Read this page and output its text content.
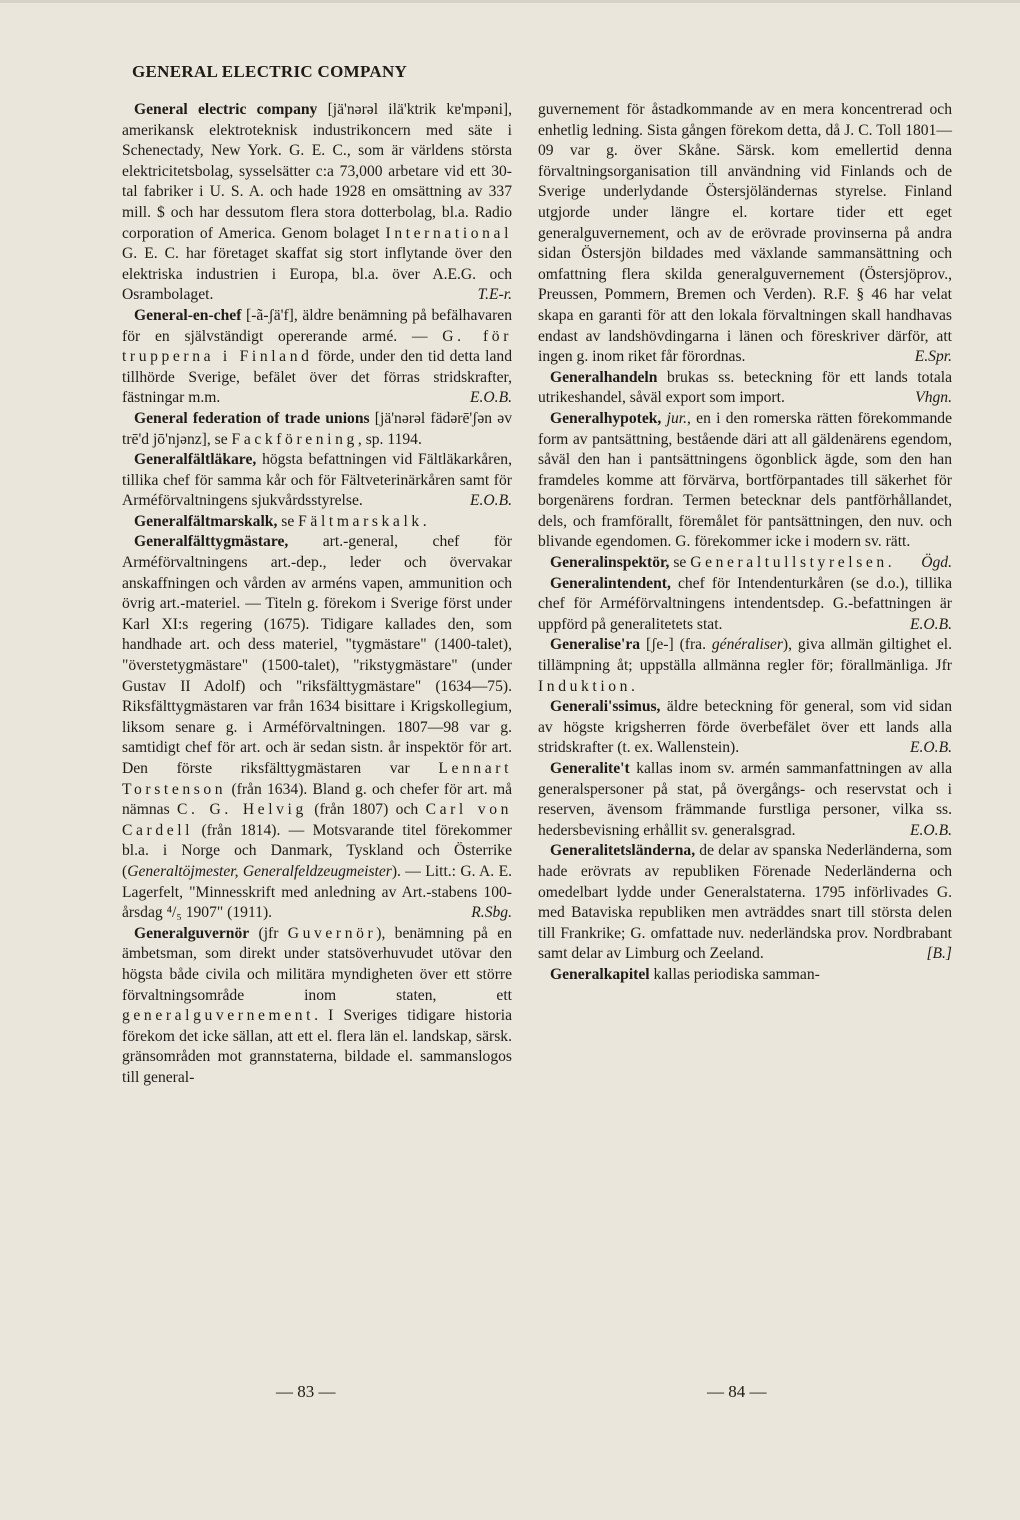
GENERAL ELECTRIC COMPANY

General electric company [jä'nərəl ilä'ktrik kɐ'mpəni], amerikansk elektroteknisk industrikoncern med säte i Schenectady, New York. G. E. C., som är världens största elektricitetsbolag, sysselsätter c:a 73,000 arbetare vid ett 30-tal fabriker i U. S. A. och hade 1928 en omsättning av 337 mill. $ och har dessutom flera stora dotterbolag, bl.a. Radio corporation of America. Genom bolaget International G. E. C. har företaget skaffat sig stort inflytande över den elektriska industrien i Europa, bl.a. över A.E.G. och Osrambolaget.	T.E-r.

General-en-chef [-ã-ʃä'f], äldre benämning på befälhavaren för en självständigt opererande armé. — G. för trupperna i Finland förde, under den tid detta land tillhörde Sverige, befälet över det förras stridskrafter, fästningar m.m.	E.O.B.

General federation of trade unions [jä'nərəl fädərē'ʃən əv trē'd jō'njənz], se Fackförening, sp. 1194.

Generalfältläkare, högsta befattningen vid Fältläkarkåren, tillika chef för samma kår och för Fältveterinärkåren samt för Arméförvaltningens sjukvårdsstyrelse.	E.O.B.

Generalfältmarskalk, se Fältmarskalk.

Generalfälttygmästare, art.-general, chef för Arméförvaltningens art.-dep., leder och övervakar anskaffningen och vården av arméns vapen, ammunition och övrig art.-materiel. — Titeln g. förekom i Sverige först under Karl XI:s regering (1675). Tidigare kallades den, som handhade art. och dess materiel, "tygmästare" (1400-talet), "överstetygmästare" (1500-talet), "rikstygmästare" (under Gustav II Adolf) och "riksfälttygmästare" (1634—75). Riksfälttygmästaren var från 1634 bisittare i Krigskollegium, liksom senare g. i Arméförvaltningen. 1807—98 var g. samtidigt chef för art. och är sedan sistn. år inspektör för art. Den förste riksfälttygmästaren var Lennart Torstenson (från 1634). Bland g. och chefer för art. må nämnas C. G. Helvig (från 1807) och Carl von Cardell (från 1814). — Motsvarande titel förekommer bl.a. i Norge och Danmark, Tyskland och Österrike (Generaltöjmester, Generalfeldzeugmeister). — Litt.: G. A. E. Lagerfelt, "Minnesskrift med anledning av Art.-stabens 100-årsdag ⁴/₅ 1907" (1911).	R.Sbg.

Generalguvernör (jfr Guvernör), benämning på en ämbetsman, som direkt under statsöverhuvudet utövar den högsta både civila och militära myndigheten över ett större förvaltningsområde inom staten, ett generalguvernement. I Sveriges tidigare historia förekom det icke sällan, att ett el. flera län el. landskap, särsk. gränsområden mot grannstaterna, bildade el. sammanslogos till general-

guvernement för åstadkommande av en mera koncentrerad och enhetlig ledning. Sista gången förekom detta, då J. C. Toll 1801—09 var g. över Skåne. Särsk. kom emellertid denna förvaltningsorganisation till användning vid Finlands och de Sverige underlydande Östersjöländernas styrelse. Finland utgjorde under längre el. kortare tider ett eget generalguvernement, och av de erövrade provinserna på andra sidan Östersjön bildades med växlande sammansättning och omfattning flera skilda generalguvernement (Östersjöprov., Preussen, Pommern, Bremen och Verden). R.F. § 46 har velat skapa en garanti för att den lokala förvaltningen skall handhavas endast av landshövdingarna i länen och föreskriver därför, att ingen g. inom riket får förordnas.	E.Spr.

Generalhandeln brukas ss. beteckning för ett lands totala utrikeshandel, såväl export som import.	Vhgn.

Generalhypotek, jur., en i den romerska rätten förekommande form av pantsättning, bestående däri att all gäldenärens egendom, såväl den han i pantsättningens ögonblick ägde, som den han framdeles komme att förvärva, bortförpantades till säkerhet för borgenärens fordran. Termen betecknar dels pantförhållandet, dels, och framförallt, föremålet för pantsättningen, den nuv. och blivande egendomen. G. förekommer icke i modern sv. rätt.
Ögd.

Generalinspektör, se Generaltullstyrelsen.

Generalintendent, chef för Intendenturkåren (se d.o.), tillika chef för Arméförvaltningens intendentsdep. G.-befattningen är uppförd på generalitetets stat.	E.O.B.

Generalise'ra [ʃe-] (fra. généraliser), giva allmän giltighet el. tillämpning åt; uppställa allmänna regler för; förallmänliga. Jfr Induktion.

Generali'ssimus, äldre beteckning för general, som vid sidan av högste krigsherren förde överbefälet över ett lands alla stridskrafter (t. ex. Wallenstein).	E.O.B.

Generalite't kallas inom sv. armén sammanfattningen av alla generalspersoner på stat, på övergångs- och reservstat och i reserven, ävensom främmande furstliga personer, vilka ss. hedersbevisning erhållit sv. generalsgrad.	E.O.B.

Generalitetsländerna, de delar av spanska Nederländerna, som hade erövrats av republiken Förenade Nederländerna och omedelbart lydde under Generalstaterna. 1795 införlivades G. med Bataviska republiken men avträddes snart till största delen till Frankrike; G. omfattade nuv. nederländska prov. Nordbrabant samt delar av Limburg och Zeeland.	[B.]

Generalkapitel kallas periodiska samman-

— 83 —	— 84 —
